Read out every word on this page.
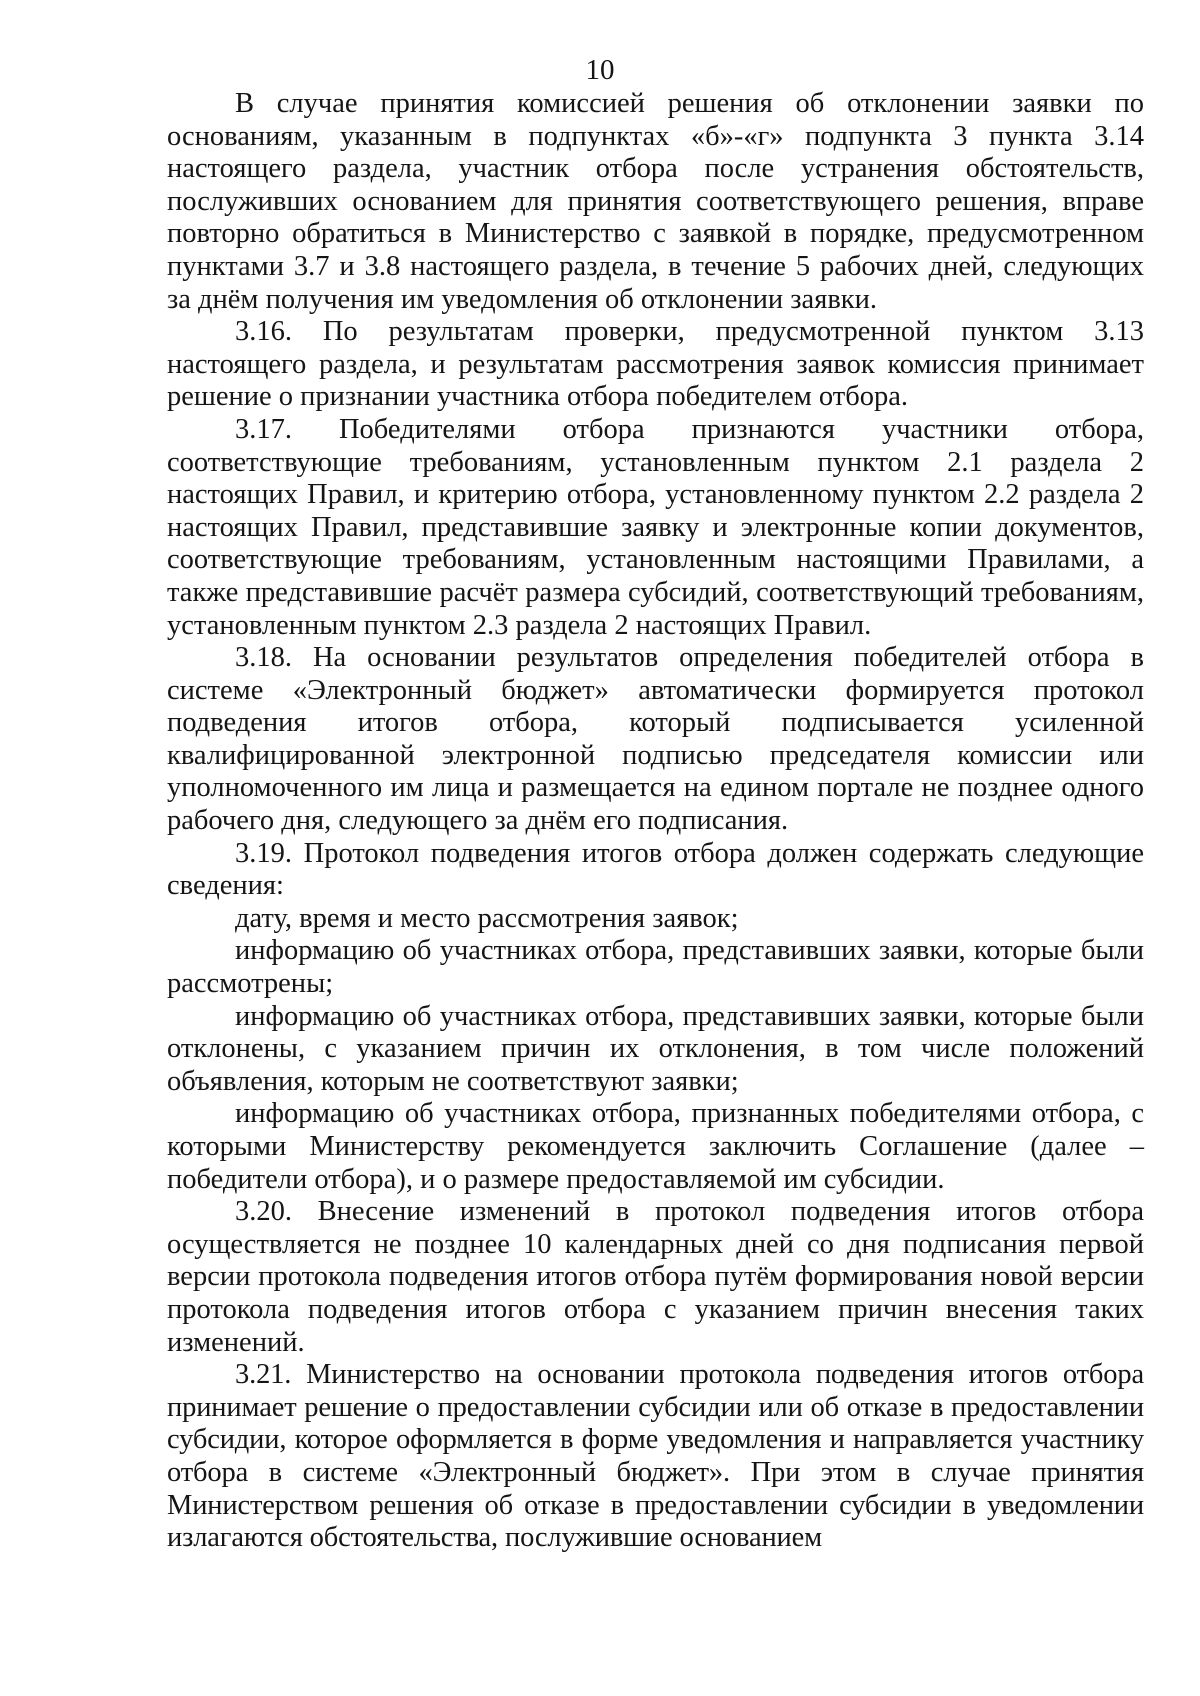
10

В случае принятия комиссией решения об отклонении заявки по основаниям, указанным в подпунктах «б»-«г» подпункта 3 пункта 3.14 настоящего раздела, участник отбора после устранения обстоятельств, послуживших основанием для принятия соответствующего решения, вправе повторно обратиться в Министерство с заявкой в порядке, предусмотренном пунктами 3.7 и 3.8 настоящего раздела, в течение 5 рабочих дней, следующих за днём получения им уведомления об отклонении заявки.

3.16. По результатам проверки, предусмотренной пунктом 3.13 настоящего раздела, и результатам рассмотрения заявок комиссия принимает решение о признании участника отбора победителем отбора.

3.17. Победителями отбора признаются участники отбора, соответствующие требованиям, установленным пунктом 2.1 раздела 2 настоящих Правил, и критерию отбора, установленному пунктом 2.2 раздела 2 настоящих Правил, представившие заявку и электронные копии документов, соответствующие требованиям, установленным настоящими Правилами, а также представившие расчёт размера субсидий, соответствующий требованиям, установленным пунктом 2.3 раздела 2 настоящих Правил.

3.18. На основании результатов определения победителей отбора в системе «Электронный бюджет» автоматически формируется протокол подведения итогов отбора, который подписывается усиленной квалифицированной электронной подписью председателя комиссии или уполномоченного им лица и размещается на едином портале не позднее одного рабочего дня, следующего за днём его подписания.

3.19. Протокол подведения итогов отбора должен содержать следующие сведения:

дату, время и место рассмотрения заявок;

информацию об участниках отбора, представивших заявки, которые были рассмотрены;

информацию об участниках отбора, представивших заявки, которые были отклонены, с указанием причин их отклонения, в том числе положений объявления, которым не соответствуют заявки;

информацию об участниках отбора, признанных победителями отбора, с которыми Министерству рекомендуется заключить Соглашение (далее – победители отбора), и о размере предоставляемой им субсидии.

3.20. Внесение изменений в протокол подведения итогов отбора осуществляется не позднее 10 календарных дней со дня подписания первой версии протокола подведения итогов отбора путём формирования новой версии протокола подведения итогов отбора с указанием причин внесения таких изменений.

3.21. Министерство на основании протокола подведения итогов отбора принимает решение о предоставлении субсидии или об отказе в предоставлении субсидии, которое оформляется в форме уведомления и направляется участнику отбора в системе «Электронный бюджет». При этом в случае принятия Министерством решения об отказе в предоставлении субсидии в уведомлении излагаются обстоятельства, послужившие основанием
